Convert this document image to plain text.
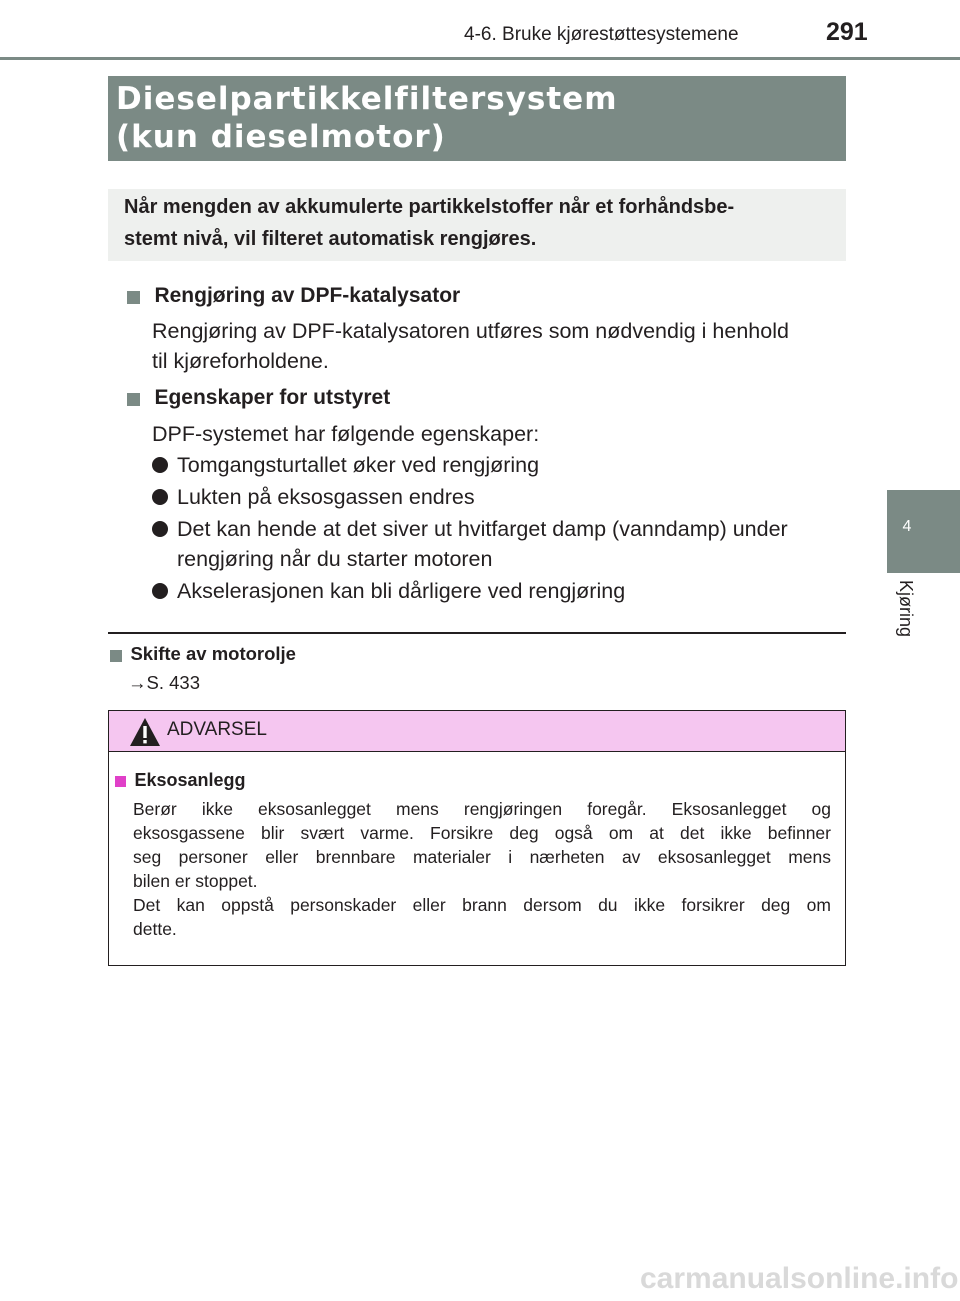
4-6. Bruke kjørestøttesystemene	291
4
Kjøring
Dieselpartikkelfiltersystem
(kun dieselmotor)
Når mengden av akkumulerte partikkelstoffer når et forhåndsbe-
stemt nivå, vil filteret automatisk rengjøres.
Rengjøring av DPF-katalysator
Rengjøring av DPF-katalysatoren utføres som nødvendig i henhold
til kjøreforholdene.
Egenskaper for utstyret
DPF-systemet har følgende egenskaper:
Tomgangsturtallet øker ved rengjøring
Lukten på eksosgassen endres
Det kan hende at det siver ut hvitfarget damp (vanndamp) under
rengjøring når du starter motoren
Akselerasjonen kan bli dårligere ved rengjøring
Skifte av motorolje
→S. 433
ADVARSEL
Eksosanlegg
Berør ikke eksosanlegget mens rengjøringen foregår. Eksosanlegget og
eksosgassene blir svært varme. Forsikre deg også om at det ikke befinner
seg personer eller brennbare materialer i nærheten av eksosanlegget mens
bilen er stoppet.
Det kan oppstå personskader eller brann dersom du ikke forsikrer deg om
dette.
carmanualsonline.info
